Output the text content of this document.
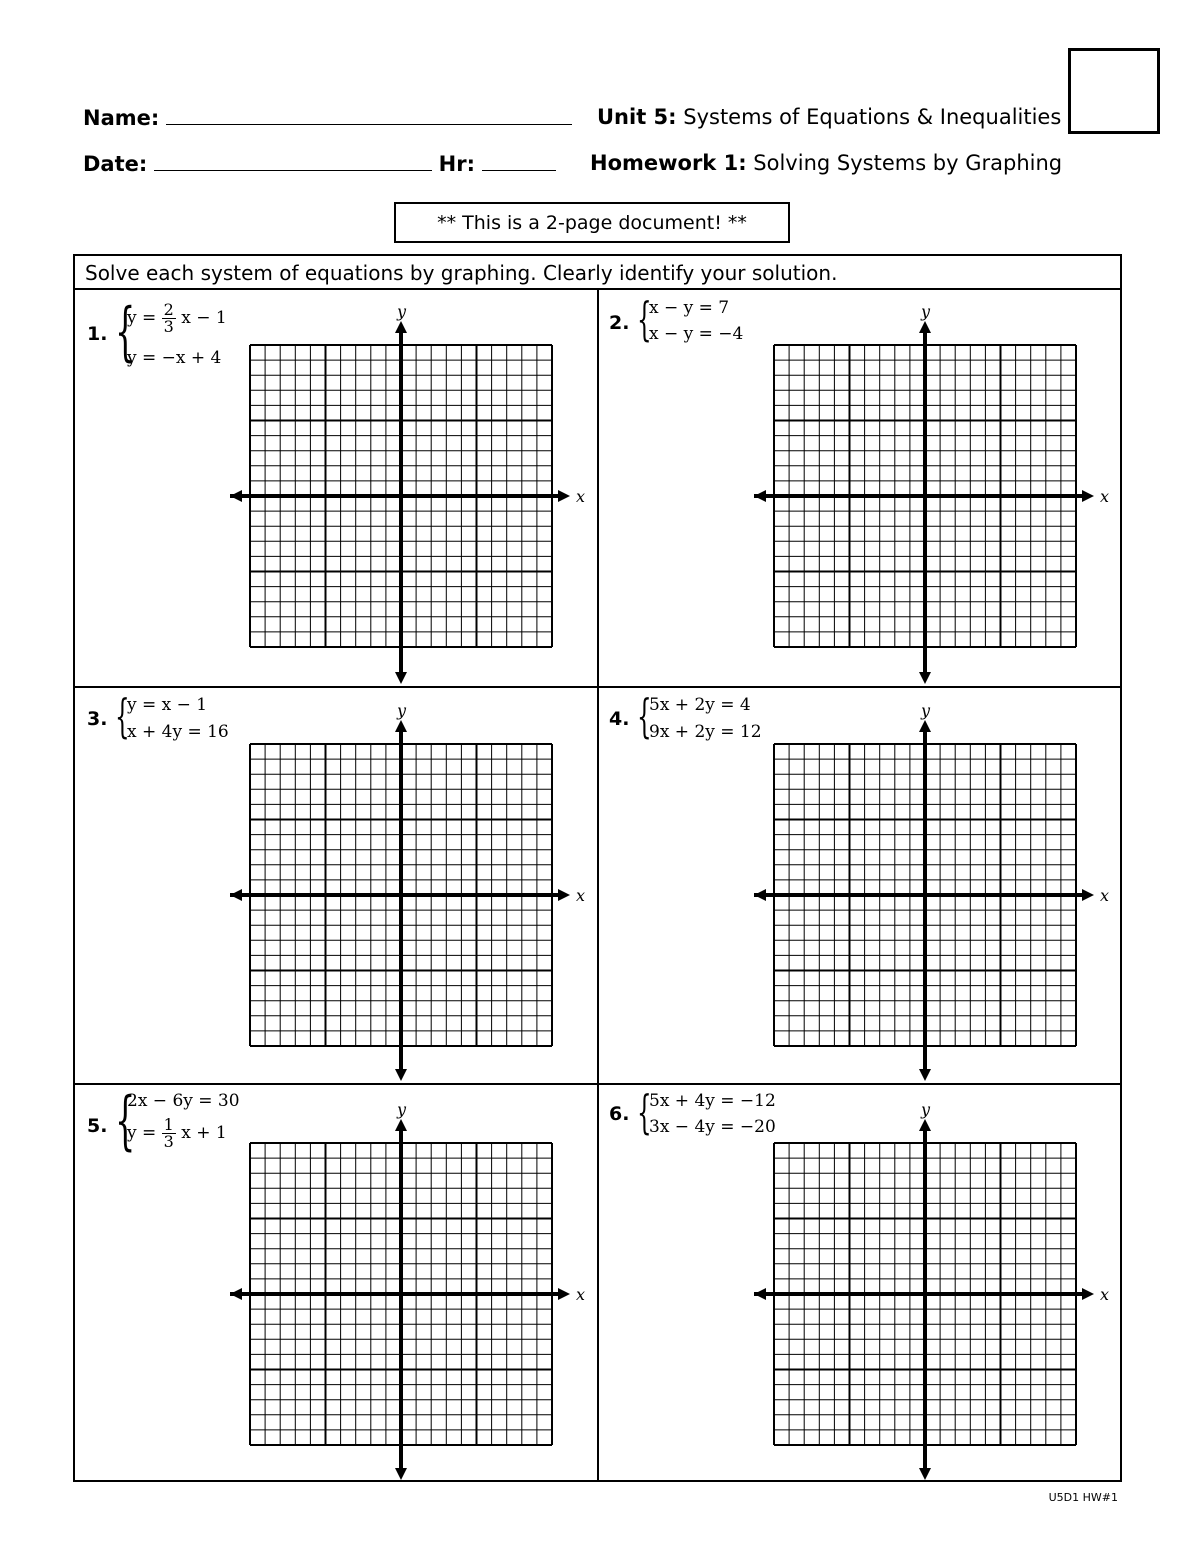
Name:	Unit 5: Systems of Equations & Inequalities
Date:	Hr:	Homework 1: Solving Systems by Graphing
** This is a 2-page document! **
Solve each system of equations by graphing. Clearly identify your solution.
1. {
$y = \frac{2}{3}$ x − 1
y = −x + 4
x
y
2. {
x − y = 7
x − y = −4
x
y
3. {
y = x − 1
x + 4y = 16
x
y	4. {
5x + 2y = 4
9x + 2y = 12
x
y
5. {
2x − 6y = 30
$y = \frac{1}{3}$ x + 1
x
y	6. {
5x + 4y = −12
3x − 4y = −20
x
y
U5D1 HW#1
